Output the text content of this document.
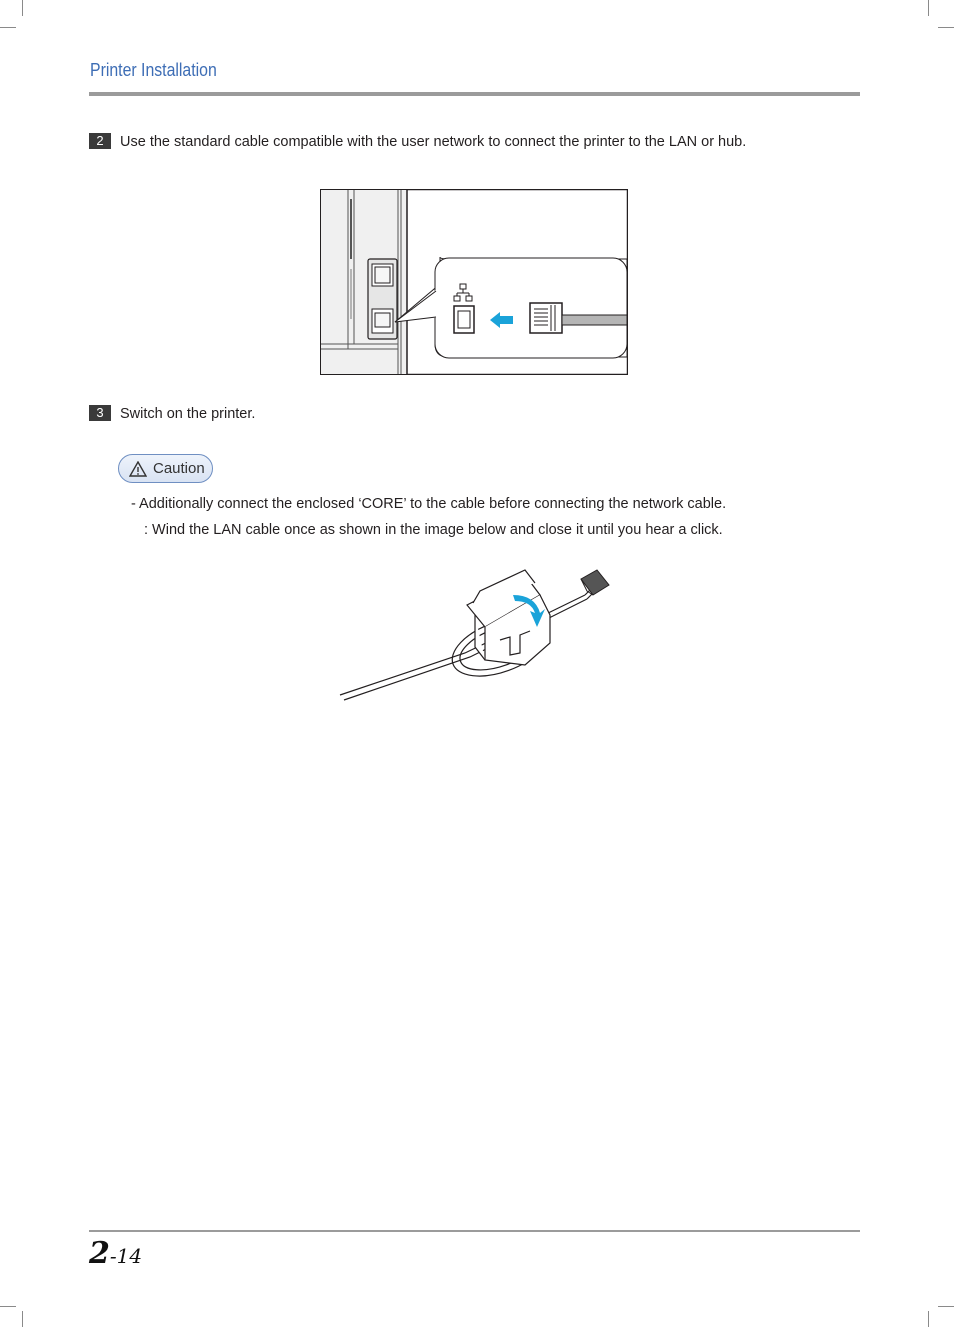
Printer Installation
2 Use the standard cable compatible with the user network to connect the printer to the LAN or hub.
3 Switch on the printer.
Caution
- Additionally connect the enclosed ‘CORE’ to the cable before connecting the network cable.
: Wind the LAN cable once as shown in the image below and close it until you hear a click.
2-14
